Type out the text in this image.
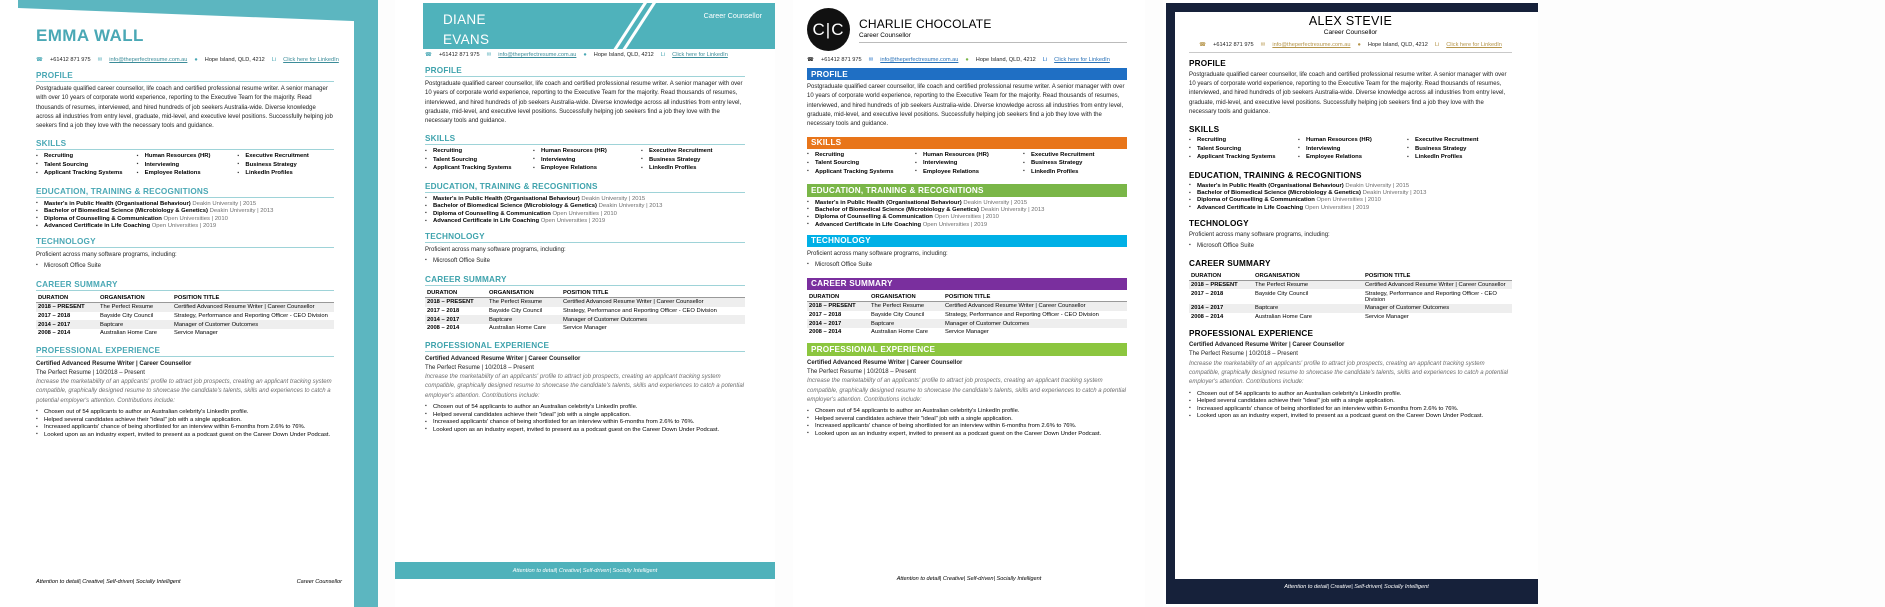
EMMA WALL
☎ +61412 871 975 ✉ info@theperfectresume.com.au ● Hope Island, QLD, 4212 Li Click here for LinkedIn
PROFILE

Postgraduate qualified career counsellor, life coach and certified professional resume writer. A senior manager with over 10 years of corporate world experience, reporting to the Executive Team for the majority. Read thousands of resumes, interviewed, and hired hundreds of job seekers Australia-wide. Diverse knowledge across all industries from entry level, graduate, mid-level, and executive level positions. Successfully helping job seekers find a job they love with the necessary tools and guidance.

SKILLS
▪ Recruiting
▪ Talent Sourcing
▪ Applicant Tracking Systems
▪ Human Resources (HR)
▪ Interviewing
▪ Employee Relations
▪ Executive Recruitment
▪ Business Strategy
▪ LinkedIn Profiles
EDUCATION, TRAINING & RECOGNITIONS
▪ Master's in Public Health (Organisational Behaviour) Deakin University | 2015
▪ Bachelor of Biomedical Science (Microbiology & Genetics) Deakin University | 2013
▪ Diploma of Counselling & Communication Open Universities | 2010
▪ Advanced Certificate in Life Coaching Open Universities | 2019
TECHNOLOGY

Proficient across many software programs, including:

▪ Microsoft Office Suite
CAREER SUMMARY
DURATION	ORGANISATION	POSITION TITLE
2018 – PRESENT	The Perfect Resume	Certified Advanced Resume Writer | Career Counsellor
2017 – 2018	Bayside City Council	Strategy, Performance and Reporting Officer - CEO Division
2014 – 2017	Baptcare	Manager of Customer Outcomes
2008 – 2014	Australian Home Care	Service Manager
PROFESSIONAL EXPERIENCE
Certified Advanced Resume Writer | Career Counsellor
The Perfect Resume | 10/2018 – Present

Increase the marketability of an applicants' profile to attract job prospects, creating an applicant tracking system compatible, graphically designed resume to showcase the candidate's talents, skills and experiences to catch a potential employer's attention. Contributions include:

▪ Chosen out of 54 applicants to author an Australian celebrity's LinkedIn profile.
▪ Helped several candidates achieve their "ideal" job with a single application.
▪ Increased applicants' chance of being shortlisted for an interview within 6-months from 2.6% to 76%.
▪ Looked upon as an industry expert, invited to present as a podcast guest on the Career Down Under Podcast.
Attention to detail| Creative| Self-driven| Socially Intelligent	Career Counsellor
DIANE
EVANS
Career Counsellor
☎ +61412 871 975 ✉ info@theperfectresume.com.au ● Hope Island, QLD, 4212 Li Click here for LinkedIn
PROFILE

Postgraduate qualified career counsellor, life coach and certified professional resume writer. A senior manager with over 10 years of corporate world experience, reporting to the Executive Team for the majority. Read thousands of resumes, interviewed, and hired hundreds of job seekers Australia-wide. Diverse knowledge across all industries from entry level, graduate, mid-level, and executive level positions. Successfully helping job seekers find a job they love with the necessary tools and guidance.

SKILLS
▪ Recruiting
▪ Talent Sourcing
▪ Applicant Tracking Systems
▪ Human Resources (HR)
▪ Interviewing
▪ Employee Relations
▪ Executive Recruitment
▪ Business Strategy
▪ LinkedIn Profiles
EDUCATION, TRAINING & RECOGNITIONS
▪ Master's in Public Health (Organisational Behaviour) Deakin University | 2015
▪ Bachelor of Biomedical Science (Microbiology & Genetics) Deakin University | 2013
▪ Diploma of Counselling & Communication Open Universities | 2010
▪ Advanced Certificate in Life Coaching Open Universities | 2019
TECHNOLOGY

Proficient across many software programs, including:

▪ Microsoft Office Suite
CAREER SUMMARY
DURATION	ORGANISATION	POSITION TITLE
2018 – PRESENT	The Perfect Resume	Certified Advanced Resume Writer | Career Counsellor
2017 – 2018	Bayside City Council	Strategy, Performance and Reporting Officer - CEO Division
2014 – 2017	Baptcare	Manager of Customer Outcomes
2008 – 2014	Australian Home Care	Service Manager
PROFESSIONAL EXPERIENCE
Certified Advanced Resume Writer | Career Counsellor
The Perfect Resume | 10/2018 – Present

Increase the marketability of an applicants' profile to attract job prospects, creating an applicant tracking system compatible, graphically designed resume to showcase the candidate's talents, skills and experiences to catch a potential employer's attention. Contributions include:

▪ Chosen out of 54 applicants to author an Australian celebrity's LinkedIn profile.
▪ Helped several candidates achieve their "ideal" job with a single application.
▪ Increased applicants' chance of being shortlisted for an interview within 6-months from 2.6% to 76%.
▪ Looked upon as an industry expert, invited to present as a podcast guest on the Career Down Under Podcast.
Attention to detail| Creative| Self-driven| Socially Intelligent
C|C	CHARLIE CHOCOLATE
Career Counsellor
☎ +61412 871 975 ✉ info@theperfectresume.com.au ● Hope Island, QLD, 4212 Li Click here for LinkedIn
PROFILE

Postgraduate qualified career counsellor, life coach and certified professional resume writer. A senior manager with over 10 years of corporate world experience, reporting to the Executive Team for the majority. Read thousands of resumes, interviewed, and hired hundreds of job seekers Australia-wide. Diverse knowledge across all industries from entry level, graduate, mid-level, and executive level positions. Successfully helping job seekers find a job they love with the necessary tools and guidance.

SKILLS
▪ Recruiting
▪ Talent Sourcing
▪ Applicant Tracking Systems
▪ Human Resources (HR)
▪ Interviewing
▪ Employee Relations
▪ Executive Recruitment
▪ Business Strategy
▪ LinkedIn Profiles
EDUCATION, TRAINING & RECOGNITIONS
▪ Master's in Public Health (Organisational Behaviour) Deakin University | 2015
▪ Bachelor of Biomedical Science (Microbiology & Genetics) Deakin University | 2013
▪ Diploma of Counselling & Communication Open Universities | 2010
▪ Advanced Certificate in Life Coaching Open Universities | 2019
TECHNOLOGY

Proficient across many software programs, including:

▪ Microsoft Office Suite
CAREER SUMMARY
DURATION	ORGANISATION	POSITION TITLE
2018 – PRESENT	The Perfect Resume	Certified Advanced Resume Writer | Career Counsellor
2017 – 2018	Bayside City Council	Strategy, Performance and Reporting Officer - CEO Division
2014 – 2017	Baptcare	Manager of Customer Outcomes
2008 – 2014	Australian Home Care	Service Manager
PROFESSIONAL EXPERIENCE
Certified Advanced Resume Writer | Career Counsellor
The Perfect Resume | 10/2018 – Present

Increase the marketability of an applicants' profile to attract job prospects, creating an applicant tracking system compatible, graphically designed resume to showcase the candidate's talents, skills and experiences to catch a potential employer's attention. Contributions include:

▪ Chosen out of 54 applicants to author an Australian celebrity's LinkedIn profile.
▪ Helped several candidates achieve their "ideal" job with a single application.
▪ Increased applicants' chance of being shortlisted for an interview within 6-months from 2.6% to 76%.
▪ Looked upon as an industry expert, invited to present as a podcast guest on the Career Down Under Podcast.
Attention to detail| Creative| Self-driven| Socially Intelligent
ALEX STEVIE
Career Counsellor
☎ +61412 871 975 ✉ info@theperfectresume.com.au ● Hope Island, QLD, 4212 Li Click here for LinkedIn
PROFILE

Postgraduate qualified career counsellor, life coach and certified professional resume writer. A senior manager with over 10 years of corporate world experience, reporting to the Executive Team for the majority. Read thousands of resumes, interviewed, and hired hundreds of job seekers Australia-wide. Diverse knowledge across all industries from entry level, graduate, mid-level, and executive level positions. Successfully helping job seekers find a job they love with the necessary tools and guidance.

SKILLS
▪ Recruiting
▪ Talent Sourcing
▪ Applicant Tracking Systems
▪ Human Resources (HR)
▪ Interviewing
▪ Employee Relations
▪ Executive Recruitment
▪ Business Strategy
▪ LinkedIn Profiles
EDUCATION, TRAINING & RECOGNITIONS
▪ Master's in Public Health (Organisational Behaviour) Deakin University | 2015
▪ Bachelor of Biomedical Science (Microbiology & Genetics) Deakin University | 2013
▪ Diploma of Counselling & Communication Open Universities | 2010
▪ Advanced Certificate in Life Coaching Open Universities | 2019
TECHNOLOGY

Proficient across many software programs, including:

▪ Microsoft Office Suite
CAREER SUMMARY
DURATION	ORGANISATION	POSITION TITLE
2018 – PRESENT	The Perfect Resume	Certified Advanced Resume Writer | Career Counsellor
2017 – 2018	Bayside City Council	Strategy, Performance and Reporting Officer - CEO Division
2014 – 2017	Baptcare	Manager of Customer Outcomes
2008 – 2014	Australian Home Care	Service Manager
PROFESSIONAL EXPERIENCE
Certified Advanced Resume Writer | Career Counsellor
The Perfect Resume | 10/2018 – Present

Increase the marketability of an applicants' profile to attract job prospects, creating an applicant tracking system compatible, graphically designed resume to showcase the candidate's talents, skills and experiences to catch a potential employer's attention. Contributions include:

▪ Chosen out of 54 applicants to author an Australian celebrity's LinkedIn profile.
▪ Helped several candidates achieve their "ideal" job with a single application.
▪ Increased applicants' chance of being shortlisted for an interview within 6-months from 2.6% to 76%.
▪ Looked upon as an industry expert, invited to present as a podcast guest on the Career Down Under Podcast.
Attention to detail| Creative| Self-driven| Socially Intelligent
